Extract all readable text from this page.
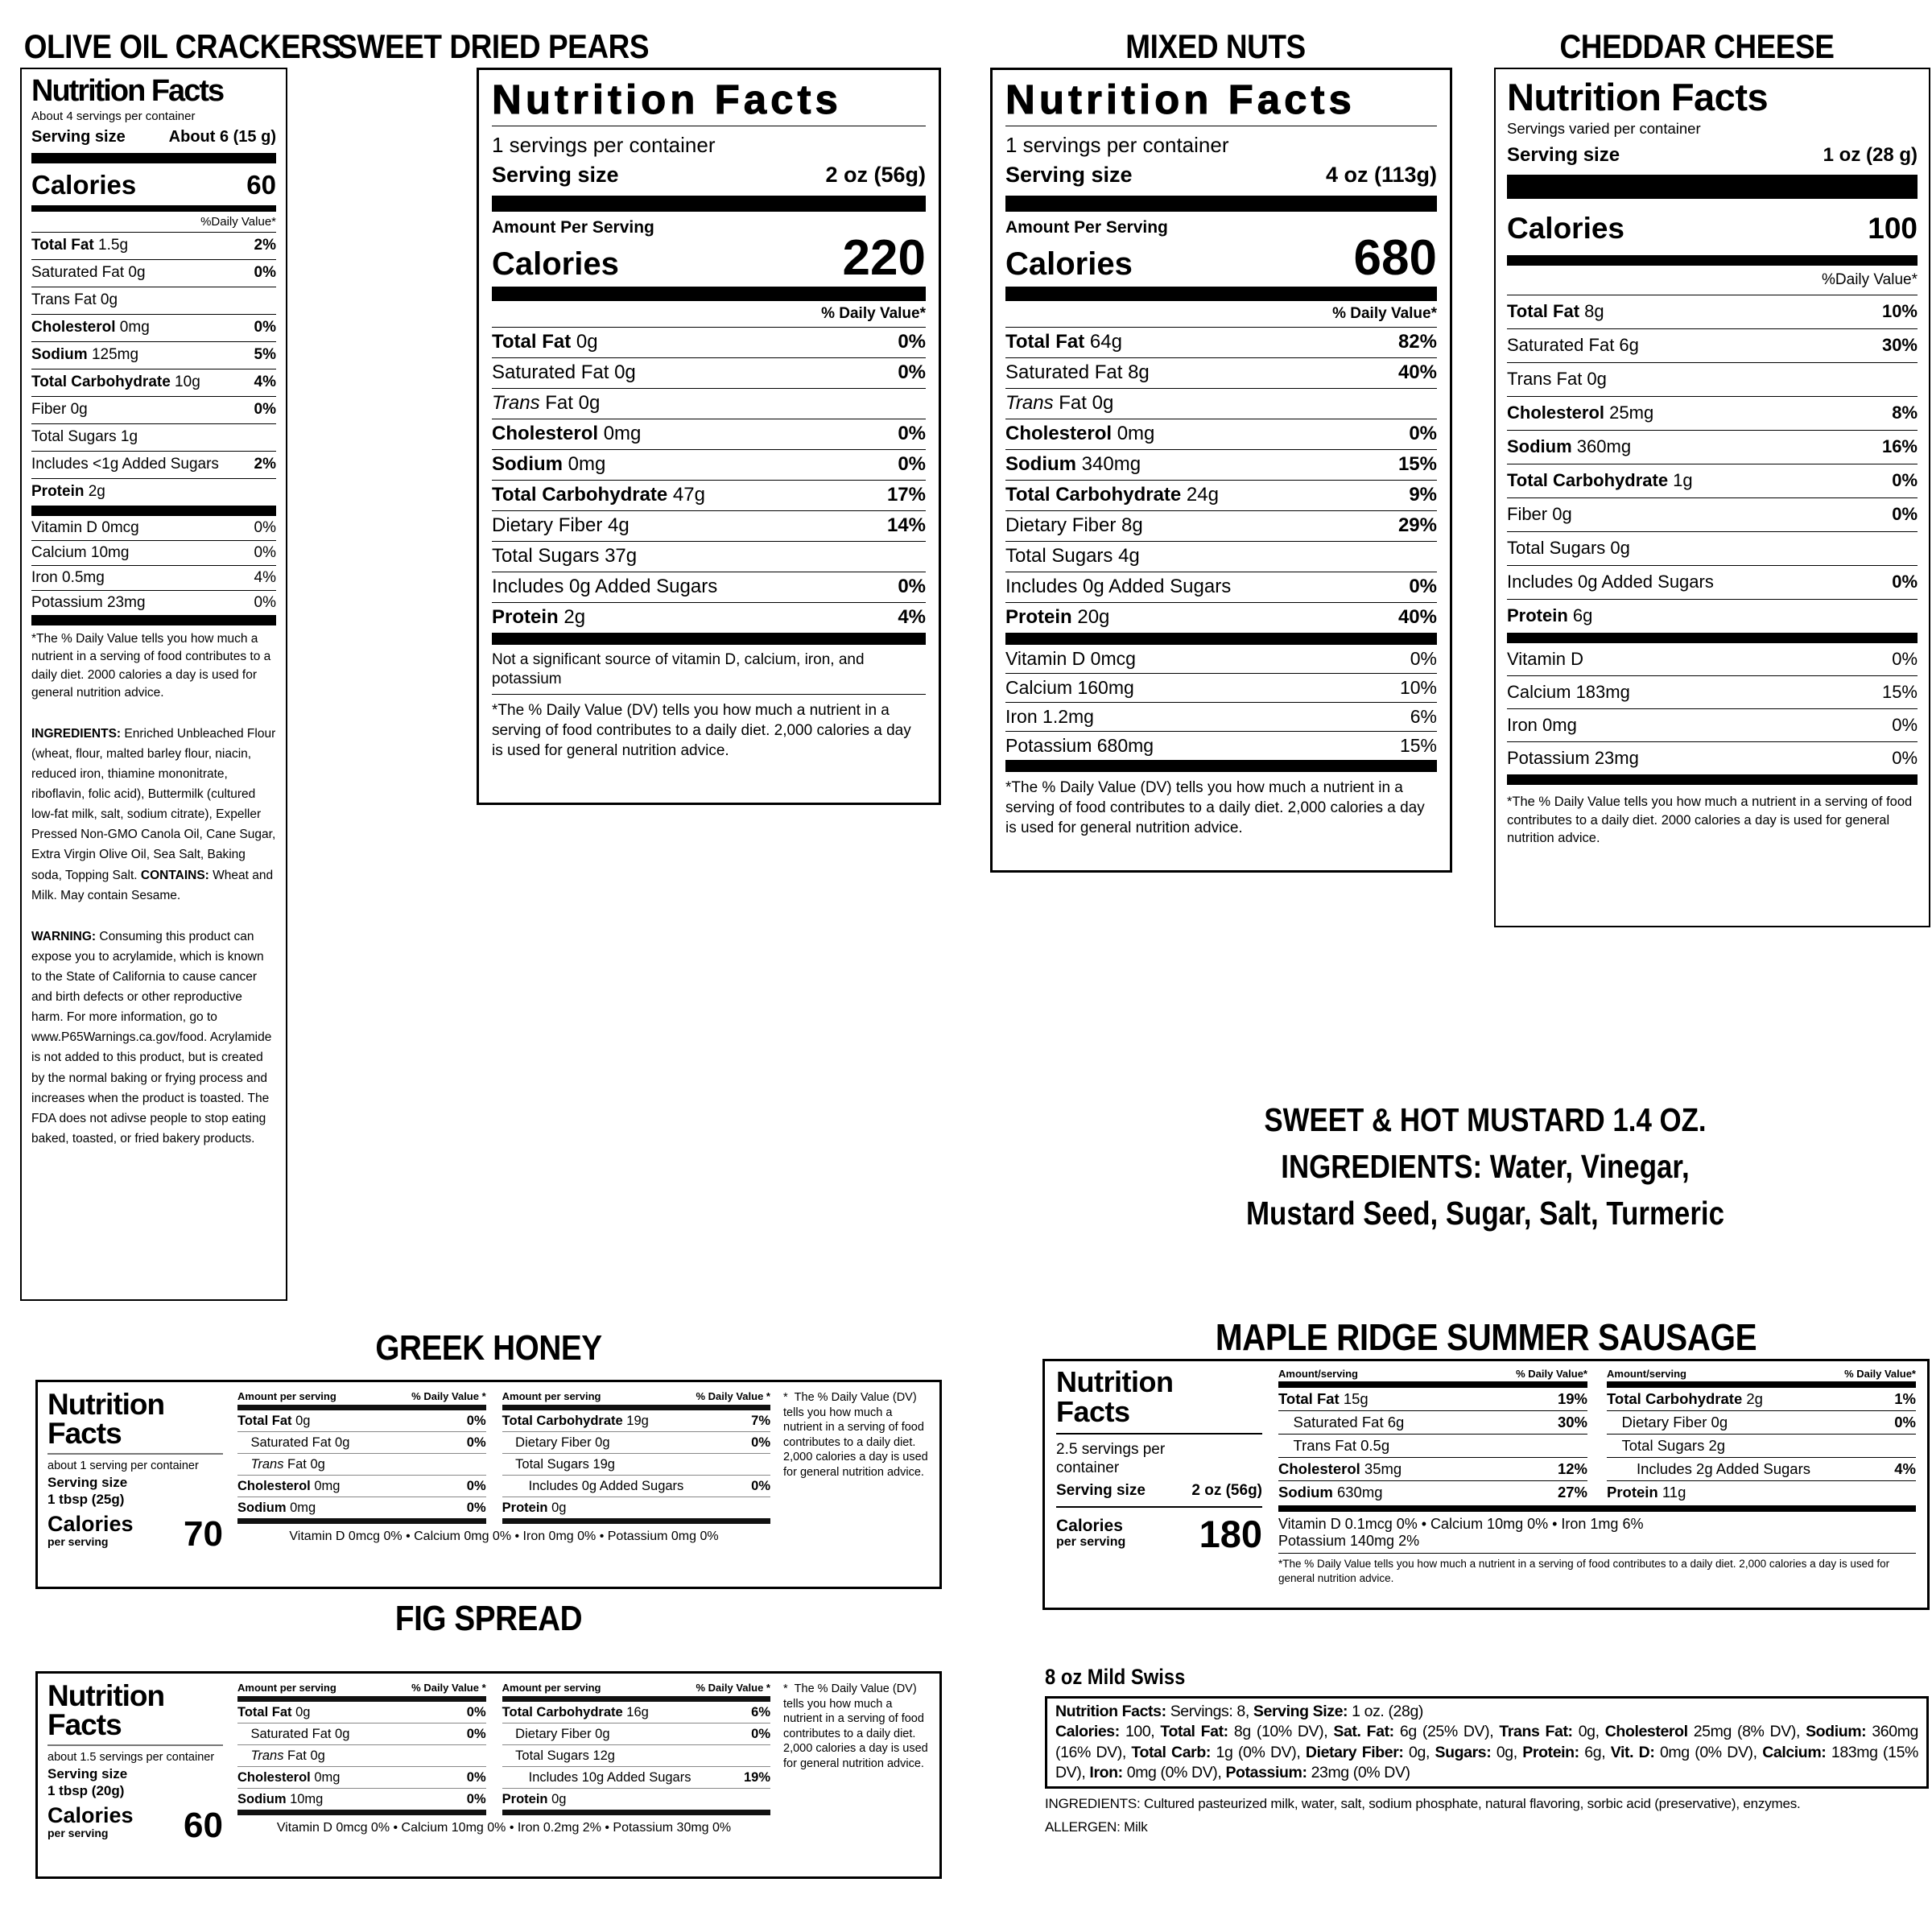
OLIVE OIL CRACKERS
SWEET DRIED PEARS	MIXED NUTS	CHEDDAR CHEESE
Nutrition Facts
About 4 servings per container
Serving size	About 6 (15 g)
Calories	60
%Daily Value*
Total Fat 1.5g	2%
Saturated Fat 0g	0%
Trans Fat 0g
Cholesterol 0mg	0%
Sodium 125mg	5%
Total Carbohydrate 10g	4%
Fiber 0g	0%
Total Sugars 1g
Includes <1g Added Sugars	2%
Protein 2g
Vitamin D 0mcg	0%
Calcium 10mg	0%
Iron 0.5mg	4%
Potassium 23mg	0%
*The % Daily Value tells you how much a nutrient in a serving of food contributes to a daily diet. 2000 calories a day is used for general nutrition advice.

INGREDIENTS: Enriched Unbleached Flour (wheat, flour, malted barley flour, niacin, reduced iron, thiamine mononitrate, riboflavin, folic acid), Buttermilk (cultured low-fat milk, salt, sodium citrate), Expeller Pressed Non-GMO Canola Oil, Cane Sugar, Extra Virgin Olive Oil, Sea Salt, Baking soda, Topping Salt. CONTAINS: Wheat and Milk. May contain Sesame.

WARNING: Consuming this product can expose you to acrylamide, which is known to the State of California to cause cancer and birth defects or other reproductive harm. For more information, go to www.P65Warnings.ca.gov/food. Acrylamide is not added to this product, but is created by the normal baking or frying process and increases when the product is toasted. The FDA does not adivse people to stop eating baked, toasted, or fried bakery products.

Nutrition Facts
1 servings per container
Serving size	2 oz (56g)
Amount Per Serving
Calories	220
% Daily Value*
Total Fat 0g	0%
Saturated Fat 0g	0%
Trans Fat 0g
Cholesterol 0mg	0%
Sodium 0mg	0%
Total Carbohydrate 47g	17%
Dietary Fiber 4g	14%
Total Sugars 37g
Includes 0g Added Sugars	0%
Protein 2g	4%
Not a significant source of vitamin D, calcium, iron, and potassium
*The % Daily Value (DV) tells you how much a nutrient in a serving of food contributes to a daily diet. 2,000 calories a day is used for general nutrition advice.
Nutrition Facts
1 servings per container
Serving size	4 oz (113g)
Amount Per Serving
Calories	680
% Daily Value*
Total Fat 64g	82%
Saturated Fat 8g	40%
Trans Fat 0g
Cholesterol 0mg	0%
Sodium 340mg	15%
Total Carbohydrate 24g	9%
Dietary Fiber 8g	29%
Total Sugars 4g
Includes 0g Added Sugars	0%
Protein 20g	40%
Vitamin D 0mcg	0%
Calcium 160mg	10%
Iron 1.2mg	6%
Potassium 680mg	15%
*The % Daily Value (DV) tells you how much a nutrient in a serving of food contributes to a daily diet. 2,000 calories a day is used for general nutrition advice.
Nutrition Facts
Servings varied per container
Serving size	1 oz (28 g)
Calories	100
%Daily Value*
Total Fat 8g	10%
Saturated Fat 6g	30%
Trans Fat 0g
Cholesterol 25mg	8%
Sodium 360mg	16%
Total Carbohydrate 1g	0%
Fiber 0g	0%
Total Sugars 0g
Includes 0g Added Sugars	0%
Protein 6g
Vitamin D	0%
Calcium 183mg	15%
Iron 0mg	0%
Potassium 23mg	0%
*The % Daily Value tells you how much a nutrient in a serving of food contributes to a daily diet. 2000 calories a day is used for general nutrition advice.
SWEET & HOT MUSTARD 1.4 OZ.
INGREDIENTS: Water, Vinegar,
Mustard Seed, Sugar, Salt, Turmeric
GREEK HONEY
Nutrition
Facts
about 1 serving per container
Serving size
1 tbsp (25g)
Calories
per serving	70
Amount per serving	% Daily Value *
Total Fat 0g	0%
Saturated Fat 0g	0%
Trans Fat 0g
Cholesterol 0mg	0%
Sodium 0mg	0%
Amount per serving	% Daily Value *
Total Carbohydrate 19g	7%
Dietary Fiber 0g	0%
Total Sugars 19g
Includes 0g Added Sugars	0%
Protein 0g
Vitamin D 0mcg 0% • Calcium 0mg 0% • Iron 0mg 0% • Potassium 0mg 0%
* The % Daily Value (DV) tells you how much a nutrient in a serving of food contributes to a daily diet. 2,000 calories a day is used for general nutrition advice.
FIG SPREAD
Nutrition
Facts
about 1.5 servings per container
Serving size
1 tbsp (20g)
Calories
per serving	60
Amount per serving	% Daily Value *
Total Fat 0g	0%
Saturated Fat 0g	0%
Trans Fat 0g
Cholesterol 0mg	0%
Sodium 10mg	0%
Amount per serving	% Daily Value *
Total Carbohydrate 16g	6%
Dietary Fiber 0g	0%
Total Sugars 12g
Includes 10g Added Sugars	19%
Protein 0g
Vitamin D 0mcg 0% • Calcium 10mg 0% • Iron 0.2mg 2% • Potassium 30mg 0%
* The % Daily Value (DV) tells you how much a nutrient in a serving of food contributes to a daily diet. 2,000 calories a day is used for general nutrition advice.
MAPLE RIDGE SUMMER SAUSAGE
Nutrition
Facts
2.5 servings per container
Serving size	2 oz (56g)
Calories
per serving 180
Amount/serving	% Daily Value*
Total Fat 15g	19%
Saturated Fat 6g	30%
Trans Fat 0.5g
Cholesterol 35mg	12%
Sodium 630mg	27%
Amount/serving	% Daily Value*
Total Carbohydrate 2g	1%
Dietary Fiber 0g	0%
Total Sugars 2g
Includes 2g Added Sugars	4%
Protein 11g
Vitamin D 0.1mcg 0% • Calcium 10mg 0% • Iron 1mg 6%
Potassium 140mg 2%
*The % Daily Value tells you how much a nutrient in a serving of food contributes to a daily diet. 2,000 calories a day is used for general nutrition advice.
8 oz Mild Swiss

Nutrition Facts: Servings: 8, Serving Size: 1 oz. (28g)

Calories: 100, Total Fat: 8g (10% DV), Sat. Fat: 6g (25% DV), Trans Fat: 0g, Cholesterol 25mg (8% DV), Sodium: 360mg (16% DV), Total Carb: 1g (0% DV), Dietary Fiber: 0g, Sugars: 0g, Protein: 6g, Vit. D: 0mg (0% DV), Calcium: 183mg (15% DV), Iron: 0mg (0% DV), Potassium: 23mg (0% DV)

INGREDIENTS: Cultured pasteurized milk, water, salt, sodium phosphate, natural flavoring, sorbic acid (preservative), enzymes.

ALLERGEN: Milk
